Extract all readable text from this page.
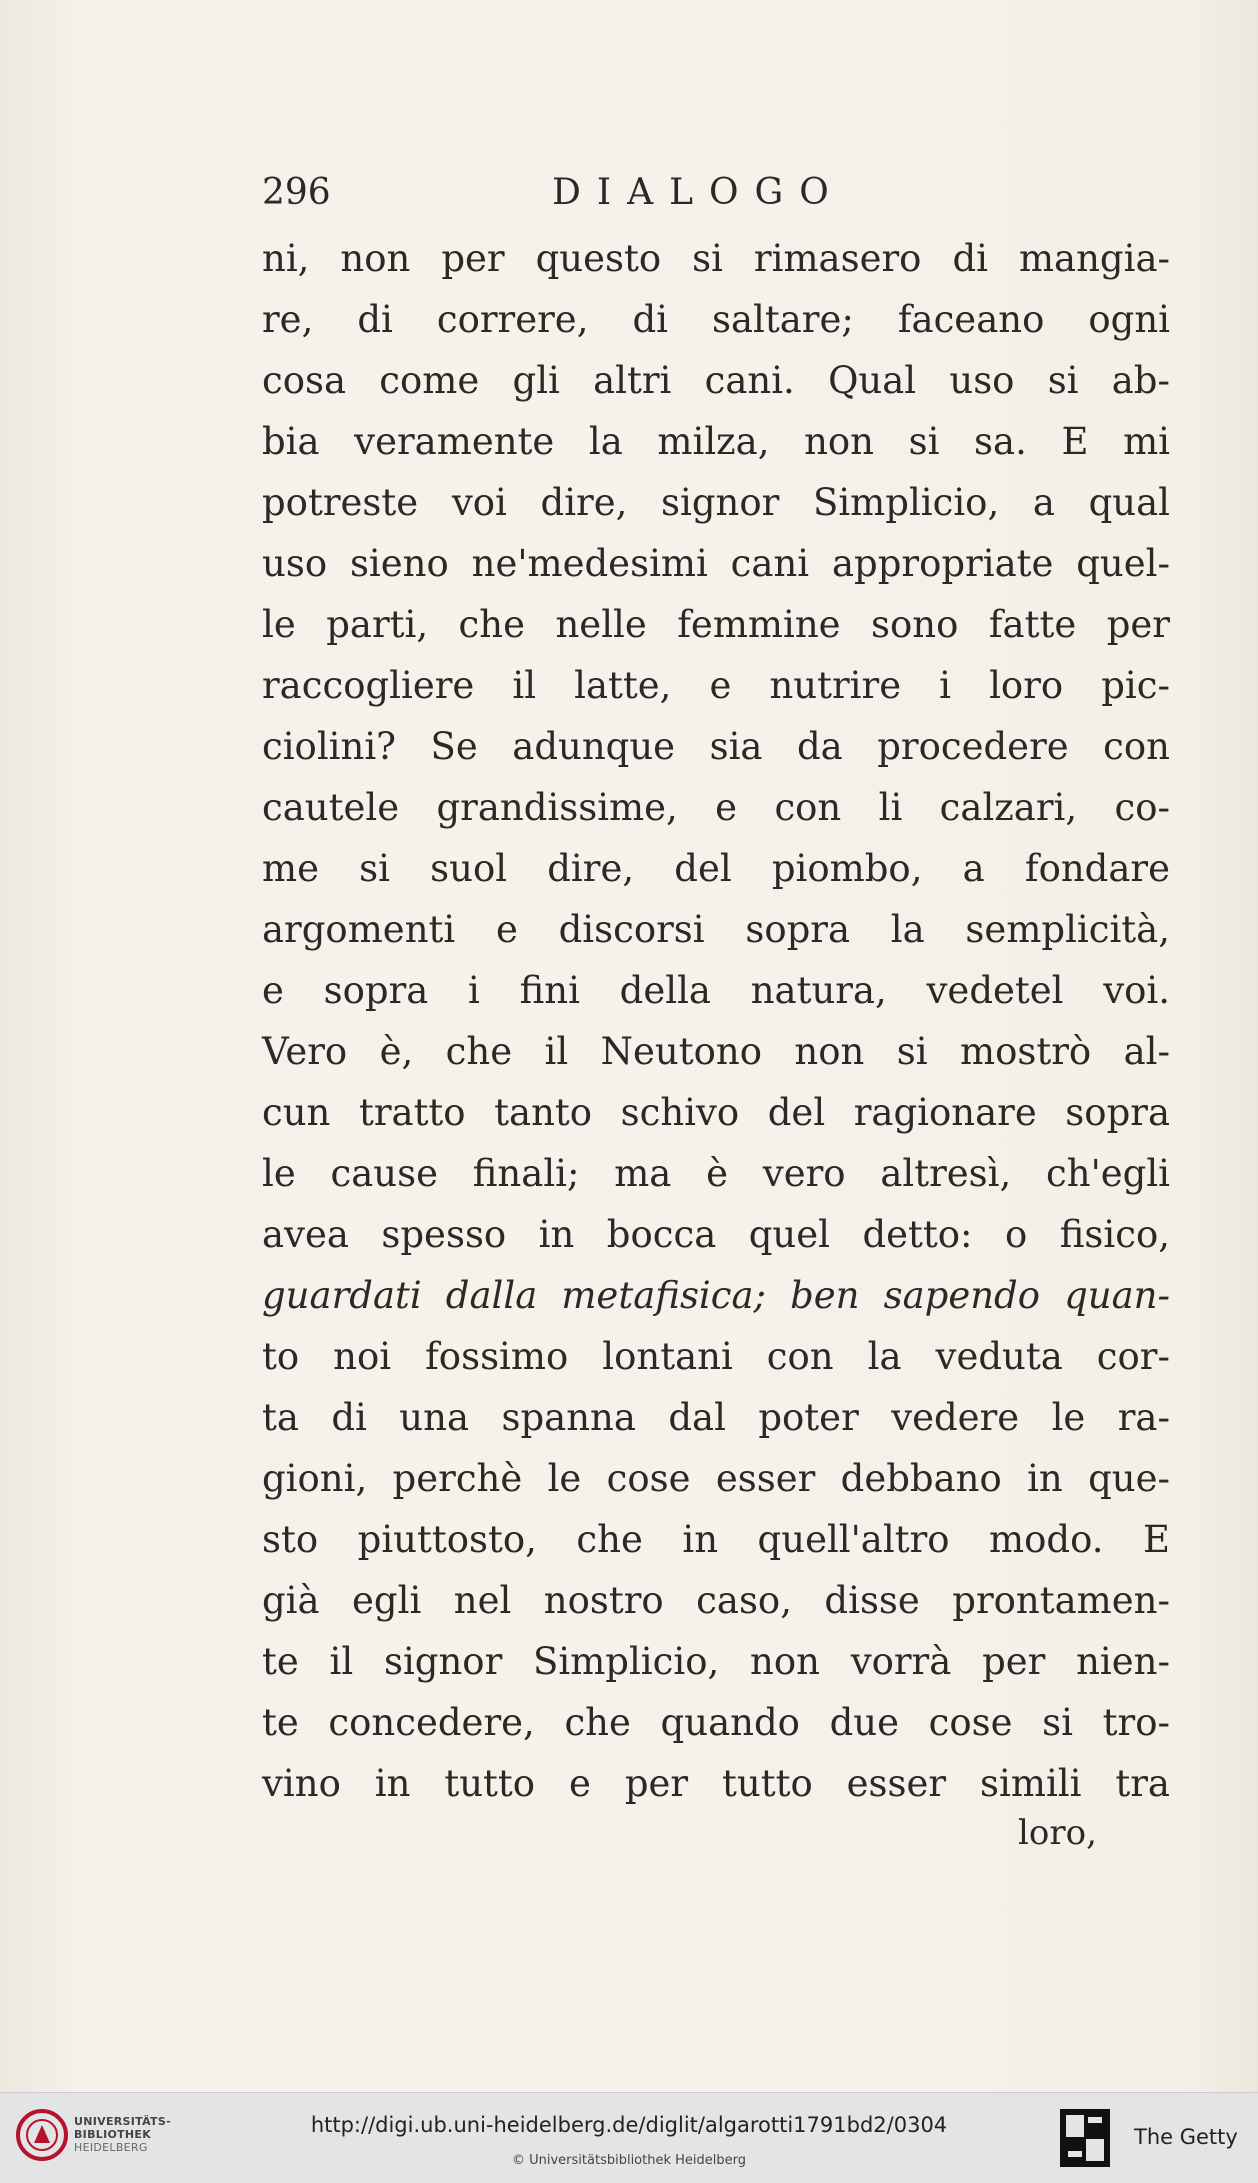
296	DIALOGO
ni, non per questo si rimasero di mangia-
re, di correre, di saltare; faceano ogni
cosa come gli altri cani. Qual uso si ab-
bia veramente la milza, non si sa. E mi
potreste voi dire, signor Simplicio, a qual
uso sieno ne'medesimi cani appropriate quel-
le parti, che nelle femmine sono fatte per
raccogliere il latte, e nutrire i loro pic-
ciolini? Se adunque sia da procedere con
cautele grandissime, e con li calzari, co-
me si suol dire, del piombo, a fondare
argomenti e discorsi sopra la semplicità,
e sopra i fini della natura, vedetel voi.
Vero è, che il Neutono non si mostrò al-
cun tratto tanto schivo del ragionare sopra
le cause finali; ma è vero altresì, ch'egli
avea spesso in bocca quel detto: o fisico,
guardati dalla metafisica; ben sapendo quan-
to noi fossimo lontani con la veduta cor-
ta di una spanna dal poter vedere le ra-
gioni, perchè le cose esser debbano in que-
sto piuttosto, che in quell'altro modo. E
già egli nel nostro caso, disse prontamen-
te il signor Simplicio, non vorrà per nien-
te concedere, che quando due cose si tro-
vino in tutto e per tutto esser simili tra
loro,
UNIVERSITÄTS-
BIBLIOTHEK
HEIDELBERG
http://digi.ub.uni-heidelberg.de/diglit/algarotti1791bd2/0304
© Universitätsbibliothek Heidelberg
The Getty
